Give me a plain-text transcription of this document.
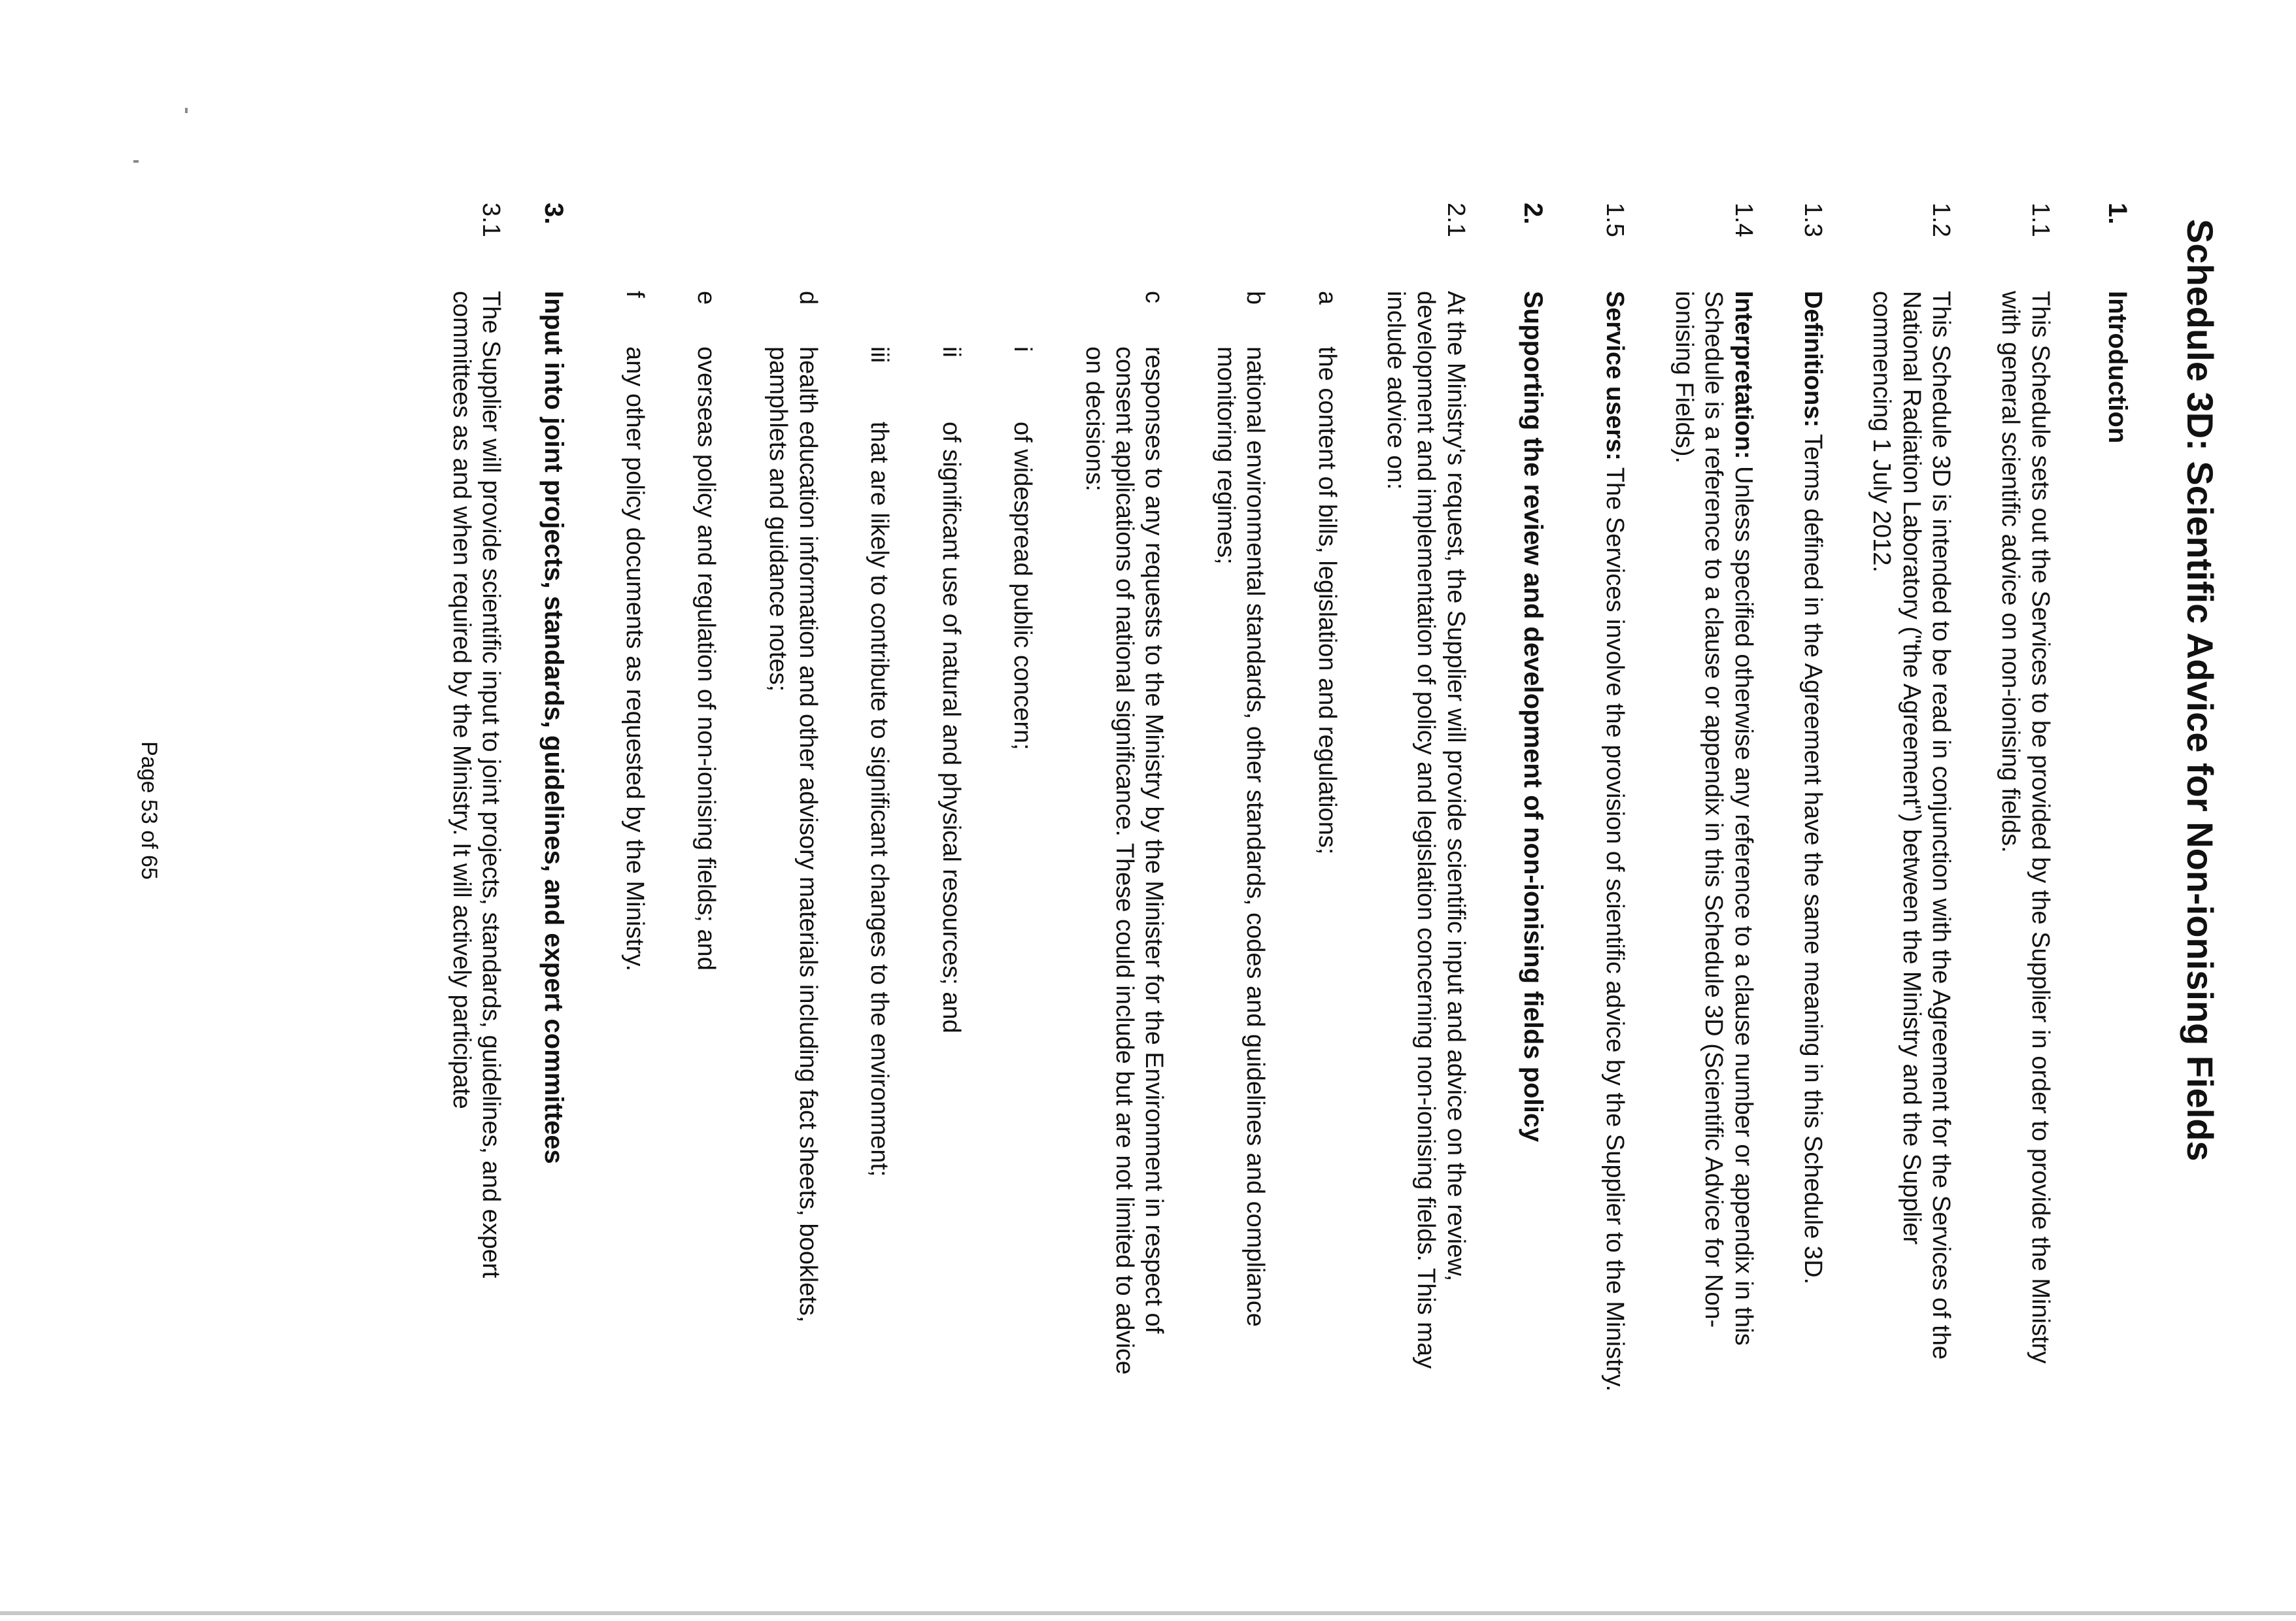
Schedule 3D: Scientific Advice for Non-ionising Fields
1.
Introduction
1.1
This Schedule sets out the Services to be provided by the Supplier in order to provide the Ministry with general scientific advice on non-ionising fields.
1.2
This Schedule 3D is intended to be read in conjunction with the Agreement for the Services of the National Radiation Laboratory ("the Agreement") between the Ministry and the Supplier commencing 1 July 2012.
1.3
Definitions: Terms defined in the Agreement have the same meaning in this Schedule 3D.
1.4
Interpretation: Unless specified otherwise any reference to a clause number or appendix in this Schedule is a reference to a clause or appendix in this Schedule 3D (Scientific Advice for Non-ionising Fields).
1.5
Service users: The Services involve the provision of scientific advice by the Supplier to the Ministry.
2.
Supporting the review and development of non-ionising fields policy
2.1
At the Ministry's request, the Supplier will provide scientific input and advice on the review, development and implementation of policy and legislation concerning non-ionising fields. This may include advice on:
a
the content of bills, legislation and regulations;
b
national environmental standards, other standards, codes and guidelines and compliance monitoring regimes;
c
responses to any requests to the Ministry by the Minister for the Environment in respect of consent applications of national significance. These could include but are not limited to advice on decisions:
i
of widespread public concern;
ii
of significant use of natural and physical resources; and
iii
that are likely to contribute to significant changes to the environment;
d
health education information and other advisory materials including fact sheets, booklets, pamphlets and guidance notes;
e
overseas policy and regulation of non-ionising fields; and
f
any other policy documents as requested by the Ministry.
3.
Input into joint projects, standards, guidelines, and expert committees
3.1
The Supplier will provide scientific input to joint projects, standards, guidelines, and expert committees as and when required by the Ministry. It will actively participate
Page 53 of 65
